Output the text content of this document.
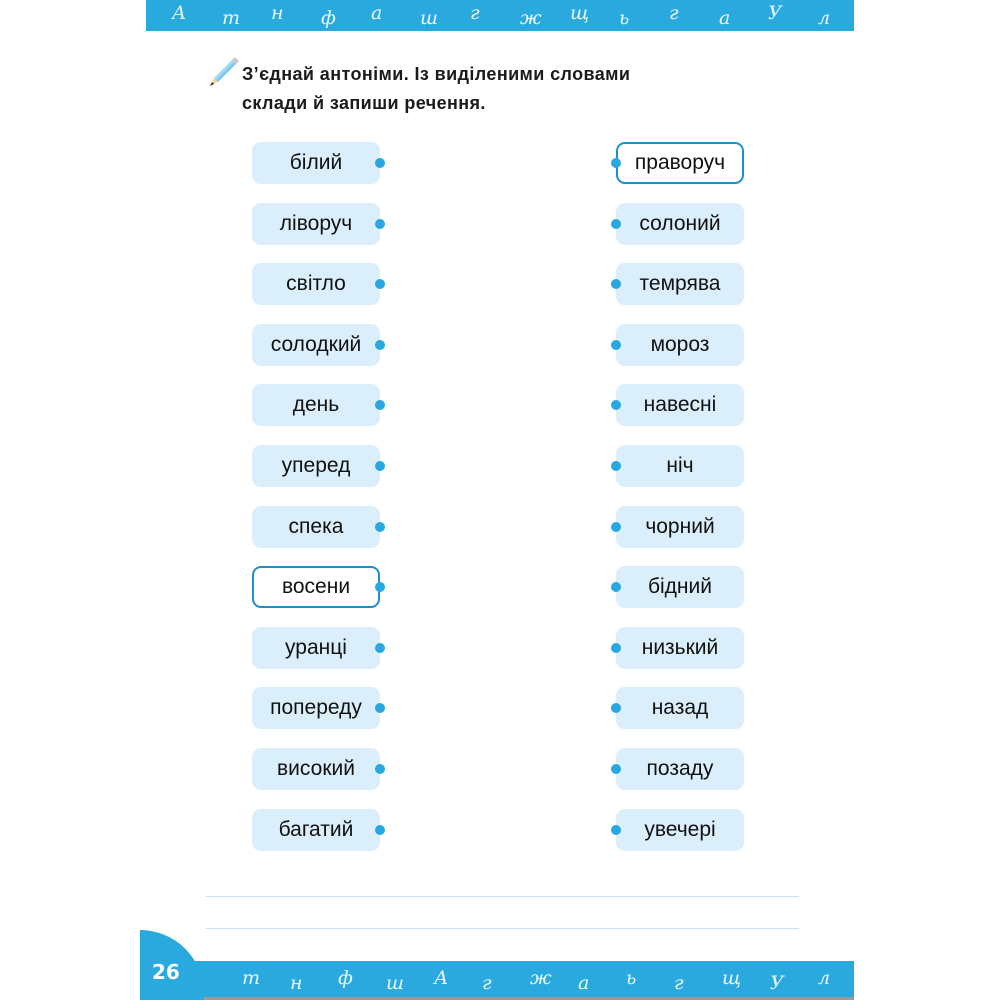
А т н ф а ш г ж щ ь г а У л
З’єднай антоніми. Із виділеними словами
склади й запиши речення.
білий
ліворуч
світло
солодкий
день
уперед
спека
восени
уранці
попереду
високий
багатий
праворуч
солоний
темрява
мороз
навесні
ніч
чорний
бідний
низький
назад
позаду
увечері
т н ф ш А г ж а ь г щ У л
26
